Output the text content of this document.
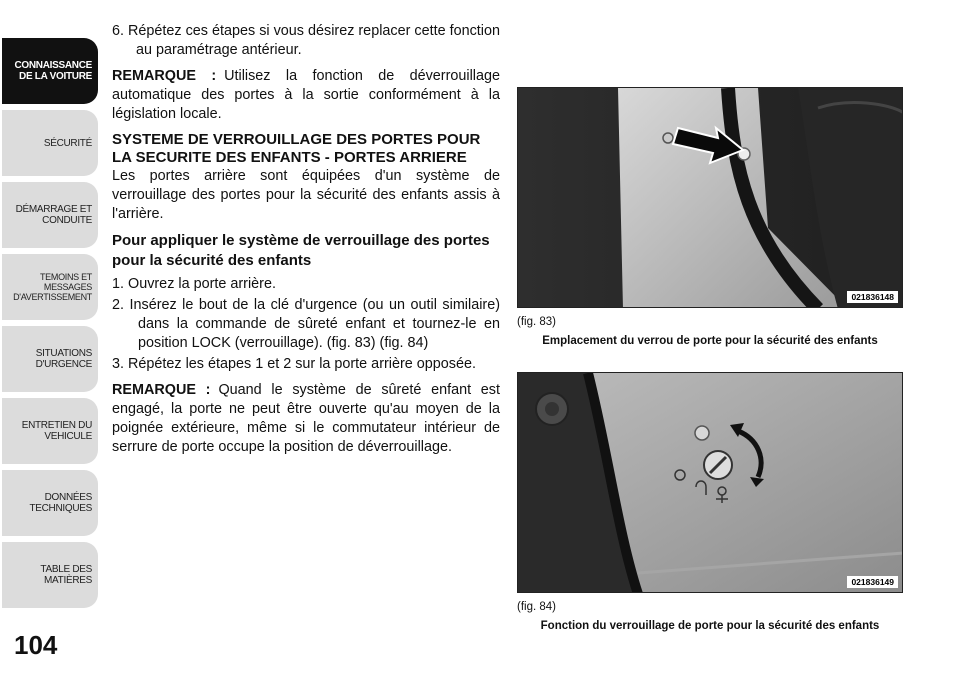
CONNAISSANCE DE LA VOITURE
SÉCURITÉ
DÉMARRAGE ET CONDUITE
TEMOINS ET MESSAGES D'AVERTISSEMENT
SITUATIONS D'URGENCE
ENTRETIEN DU VEHICULE
DONNÉES TECHNIQUES
TABLE DES MATIÈRES
104

6. Répétez ces étapes si vous désirez replacer cette fonction au paramétrage antérieur.

REMARQUE : Utilisez la fonction de déverrouillage automatique des portes à la sortie conformément à la législation locale.

SYSTEME DE VERROUILLAGE DES PORTES POUR LA SECURITE DES ENFANTS - PORTES ARRIERE

Les portes arrière sont équipées d'un système de verrouillage des portes pour la sécurité des enfants assis à l'arrière.

Pour appliquer le système de verrouillage des portes pour la sécurité des enfants

1. Ouvrez la porte arrière.

2. Insérez le bout de la clé d'urgence (ou un outil similaire) dans la commande de sûreté enfant et tournez-le en position LOCK (verrouillage). (fig. 83) (fig. 84)

3. Répétez les étapes 1 et 2 sur la porte arrière opposée.

REMARQUE : Quand le système de sûreté enfant est engagé, la porte ne peut être ouverte qu'au moyen de la poignée extérieure, même si le commutateur intérieur de serrure de porte occupe la position de déverrouillage.

021836148
(fig. 83)
Emplacement du verrou de porte pour la sécurité des enfants
021836149
(fig. 84)
Fonction du verrouillage de porte pour la sécurité des enfants
